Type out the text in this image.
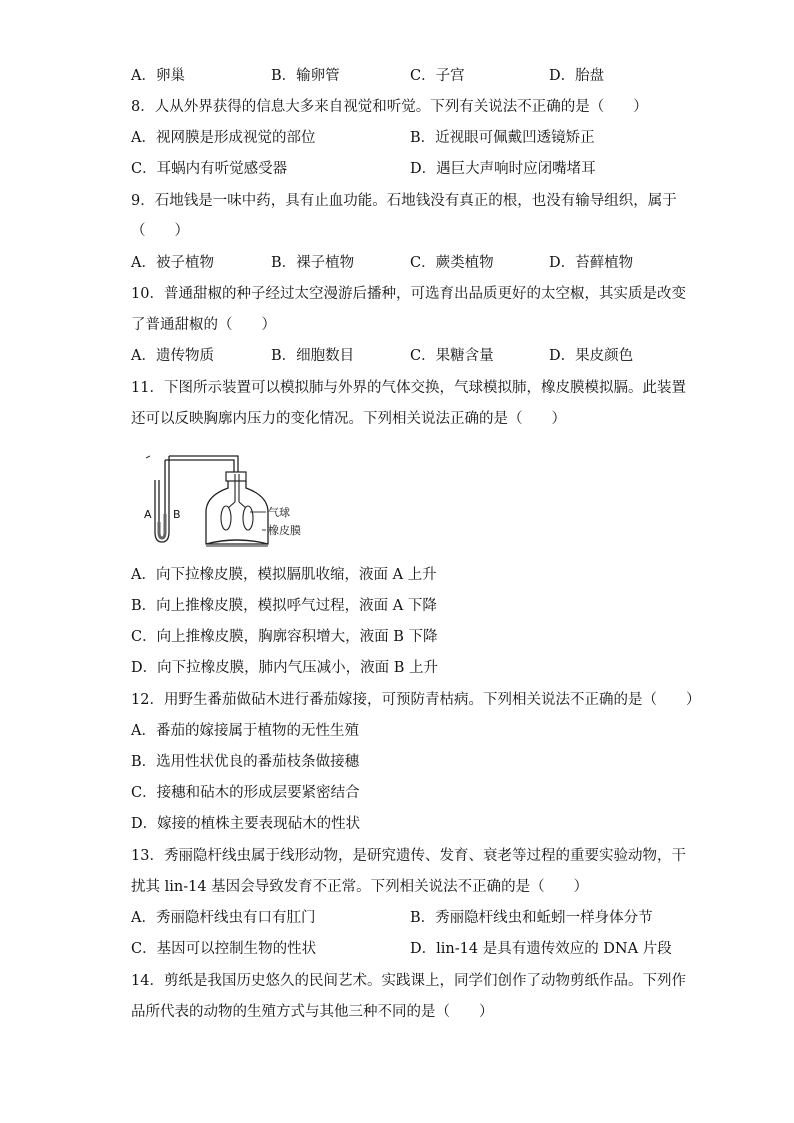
A．卵巢	B．输卵管	C．子宫	D．胎盘
8．人从外界获得的信息大多来自视觉和听觉。下列有关说法不正确的是（　　）
A．视网膜是形成视觉的部位	B．近视眼可佩戴凹透镜矫正
C．耳蜗内有听觉感受器	D．遇巨大声响时应闭嘴堵耳
9．石地钱是一味中药，具有止血功能。石地钱没有真正的根，也没有输导组织，属于
（　　）
A．被子植物	B．裸子植物	C．蕨类植物	D．苔藓植物
10．普通甜椒的种子经过太空漫游后播种，可选育出品质更好的太空椒，其实质是改变
了普通甜椒的（　　）
A．遗传物质	B．细胞数目	C．果糖含量	D．果皮颜色
11．下图所示装置可以模拟肺与外界的气体交换，气球模拟肺，橡皮膜模拟膈。此装置
还可以反映胸廓内压力的变化情况。下列相关说法正确的是（　　）
A B	气球
橡皮膜
A．向下拉橡皮膜，模拟膈肌收缩，液面 A 上升
B．向上推橡皮膜，模拟呼气过程，液面 A 下降
C．向上推橡皮膜，胸廓容积增大，液面 B 下降
D．向下拉橡皮膜，肺内气压减小，液面 B 上升
12．用野生番茄做砧木进行番茄嫁接，可预防青枯病。下列相关说法不正确的是（　　）
A．番茄的嫁接属于植物的无性生殖
B．选用性状优良的番茄枝条做接穗
C．接穗和砧木的形成层要紧密结合
D．嫁接的植株主要表现砧木的性状
13．秀丽隐杆线虫属于线形动物，是研究遗传、发育、衰老等过程的重要实验动物，干
扰其 lin-14 基因会导致发育不正常。下列相关说法不正确的是（　　）
A．秀丽隐杆线虫有口有肛门	B．秀丽隐杆线虫和蚯蚓一样身体分节
C．基因可以控制生物的性状	D．lin-14 是具有遗传效应的 DNA 片段
14．剪纸是我国历史悠久的民间艺术。实践课上，同学们创作了动物剪纸作品。下列作
品所代表的动物的生殖方式与其他三种不同的是（　　）
